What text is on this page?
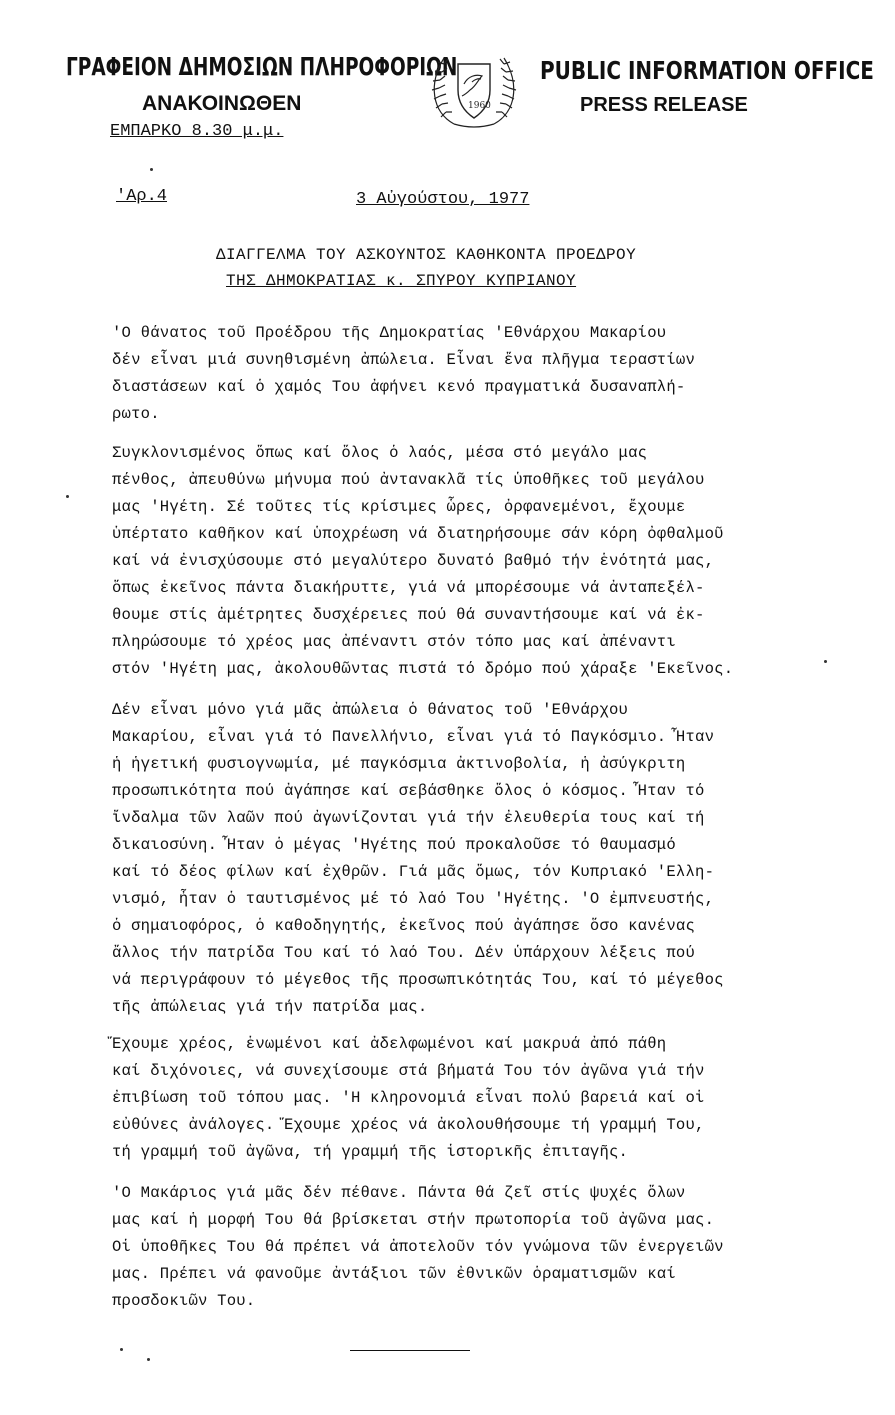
ΓΡΑΦΕΙΟΝ ΔΗΜΟΣΙΩΝ ΠΛΗΡΟΦΟΡΙΩΝ
ΑΝΑΚΟΙΝΩΘΕΝ	1960
PUBLIC INFORMATION OFFICE
PRESS RELEASE
ΕΜΠΑΡΚΟ 8.30 μ.μ.
'Αρ.4	3 Αὐγούστου, 1977
ΔΙΑΓΓΕΛΜΑ ΤΟΥ ΑΣΚΟΥΝΤΟΣ ΚΑΘΗΚΟΝΤΑ ΠΡΟΕΔΡΟΥ
ΤΗΣ ΔΗΜΟΚΡΑΤΙΑΣ κ. ΣΠΥΡΟΥ ΚΥΠΡΙΑΝΟΥ
'Ο θάνατος τοῦ Προέδρου τῆς Δημοκρατίας 'Εθνάρχου Μακαρίου
δέν εἶναι μιά συνηθισμένη ἀπώλεια. Εἶναι ἕνα πλῆγμα τεραστίων
διαστάσεων καί ὁ χαμός Του ἀφήνει κενό πραγματικά δυσαναπλή-
ρωτο.
Συγκλονισμένος ὅπως καί ὅλος ὁ λαός, μέσα στό μεγάλο μας
πένθος, ἀπευθύνω μήνυμα πού ἀντανακλᾶ τίς ὑποθῆκες τοῦ μεγάλου
μας 'Ηγέτη. Σέ τοῦτες τίς κρίσιμες ὧρες, ὀρφανεμένοι, ἔχουμε
ὑπέρτατο καθῆκον καί ὑποχρέωση νά διατηρήσουμε σάν κόρη ὀφθαλμοῦ
καί νά ἐνισχύσουμε στό μεγαλύτερο δυνατό βαθμό τήν ἑνότητά μας,
ὅπως ἐκεῖνος πάντα διακήρυττε, γιά νά μπορέσουμε νά ἀνταπεξέλ-
θουμε στίς ἀμέτρητες δυσχέρειες πού θά συναντήσουμε καί νά ἐκ-
πληρώσουμε τό χρέος μας ἀπέναντι στόν τόπο μας καί ἀπέναντι
στόν 'Ηγέτη μας, ἀκολουθῶντας πιστά τό δρόμο πού χάραξε 'Εκεῖνος.
Δέν εἶναι μόνο γιά μᾶς ἀπώλεια ὁ θάνατος τοῦ 'Εθνάρχου
Μακαρίου, εἶναι γιά τό Πανελλήνιο, εἶναι γιά τό Παγκόσμιο. Ἦταν
ἡ ἡγετική φυσιογνωμία, μέ παγκόσμια ἀκτινοβολία, ἡ ἀσύγκριτη
προσωπικότητα πού ἀγάπησε καί σεβάσθηκε ὅλος ὁ κόσμος. Ἦταν τό
ἴνδαλμα τῶν λαῶν πού ἀγωνίζονται γιά τήν ἐλευθερία τους καί τή
δικαιοσύνη. Ἦταν ὁ μέγας 'Ηγέτης πού προκαλοῦσε τό θαυμασμό
καί τό δέος φίλων καί ἐχθρῶν. Γιά μᾶς ὅμως, τόν Κυπριακό 'Ελλη-
νισμό, ἦταν ὁ ταυτισμένος μέ τό λαό Του 'Ηγέτης. 'Ο ἐμπνευστής,
ὁ σημαιοφόρος, ὁ καθοδηγητής, ἐκεῖνος πού ἀγάπησε ὅσο κανένας
ἄλλος τήν πατρίδα Του καί τό λαό Του. Δέν ὑπάρχουν λέξεις πού
νά περιγράφουν τό μέγεθος τῆς προσωπικότητάς Του, καί τό μέγεθος
τῆς ἀπώλειας γιά τήν πατρίδα μας.
Ἔχουμε χρέος, ἑνωμένοι καί ἀδελφωμένοι καί μακρυά ἀπό πάθη
καί διχόνοιες, νά συνεχίσουμε στά βήματά Του τόν ἀγῶνα γιά τήν
ἐπιβίωση τοῦ τόπου μας. 'Η κληρονομιά εἶναι πολύ βαρειά καί οἱ
εὐθύνες ἀνάλογες. Ἔχουμε χρέος νά ἀκολουθήσουμε τή γραμμή Του,
τή γραμμή τοῦ ἀγῶνα, τή γραμμή τῆς ἱστορικῆς ἐπιταγῆς.
'Ο Μακάριος γιά μᾶς δέν πέθανε. Πάντα θά ζεῖ στίς ψυχές ὅλων
μας καί ἡ μορφή Του θά βρίσκεται στήν πρωτοπορία τοῦ ἀγῶνα μας.
Οἱ ὑποθῆκες Του θά πρέπει νά ἀποτελοῦν τόν γνώμονα τῶν ἐνεργειῶν
μας. Πρέπει νά φανοῦμε ἀντάξιοι τῶν ἐθνικῶν ὁραματισμῶν καί
προσδοκιῶν Του.
